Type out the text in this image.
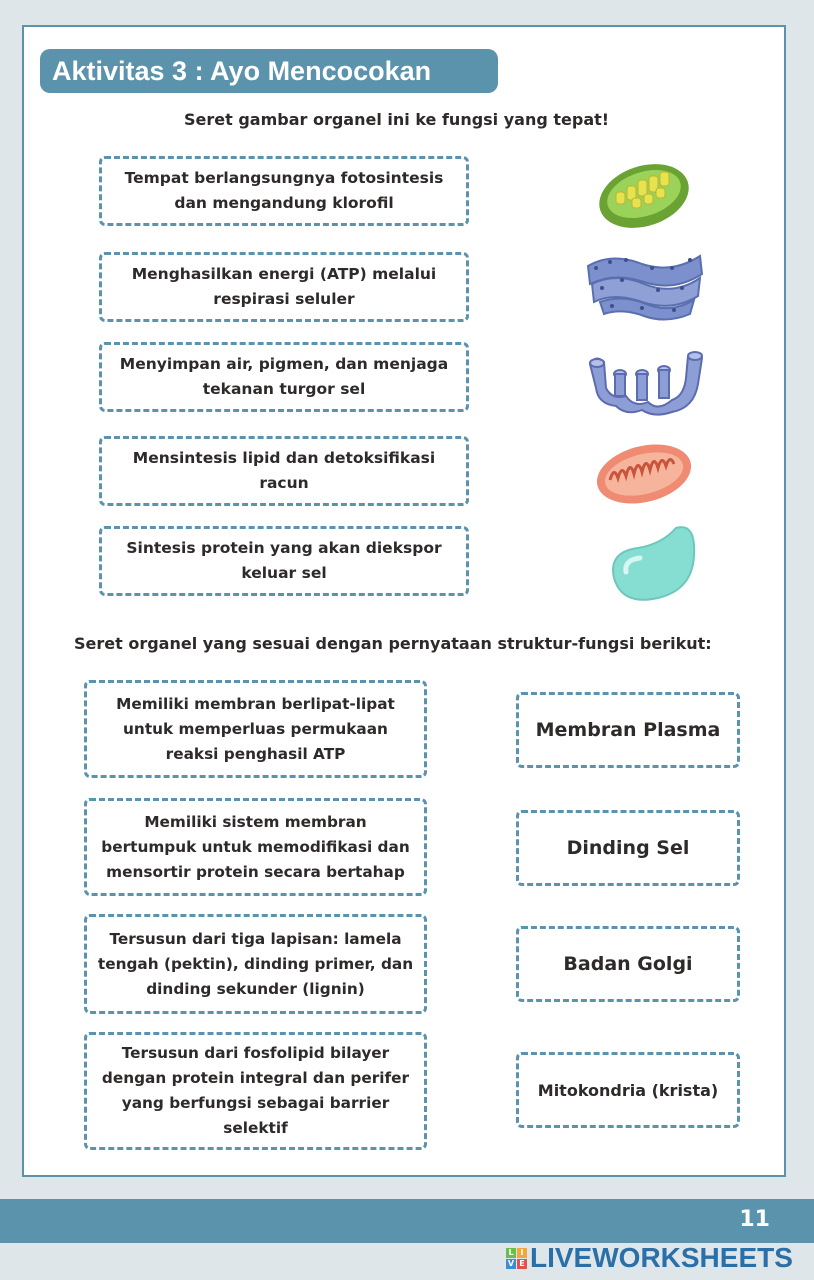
Aktivitas 3 : Ayo Mencocokan
Seret gambar organel ini ke fungsi yang tepat!
Tempat berlangsungnya fotosintesis dan mengandung klorofil
Menghasilkan energi (ATP) melalui respirasi seluler
Menyimpan air, pigmen, dan menjaga tekanan turgor sel
Mensintesis lipid dan detoksifikasi racun
Sintesis protein yang akan diekspor keluar sel
Seret organel yang sesuai dengan pernyataan struktur-fungsi berikut:
Memiliki membran berlipat-lipat untuk memperluas permukaan reaksi penghasil ATP
Memiliki sistem membran bertumpuk untuk memodifikasi dan mensortir protein secara bertahap
Tersusun dari tiga lapisan: lamela tengah (pektin), dinding primer, dan dinding sekunder (lignin)
Tersusun dari fosfolipid bilayer dengan protein integral dan perifer yang berfungsi sebagai barrier selektif
Membran Plasma
Dinding Sel
Badan Golgi
Mitokondria (krista)
11
L I
V E LIVEWORKSHEETS
